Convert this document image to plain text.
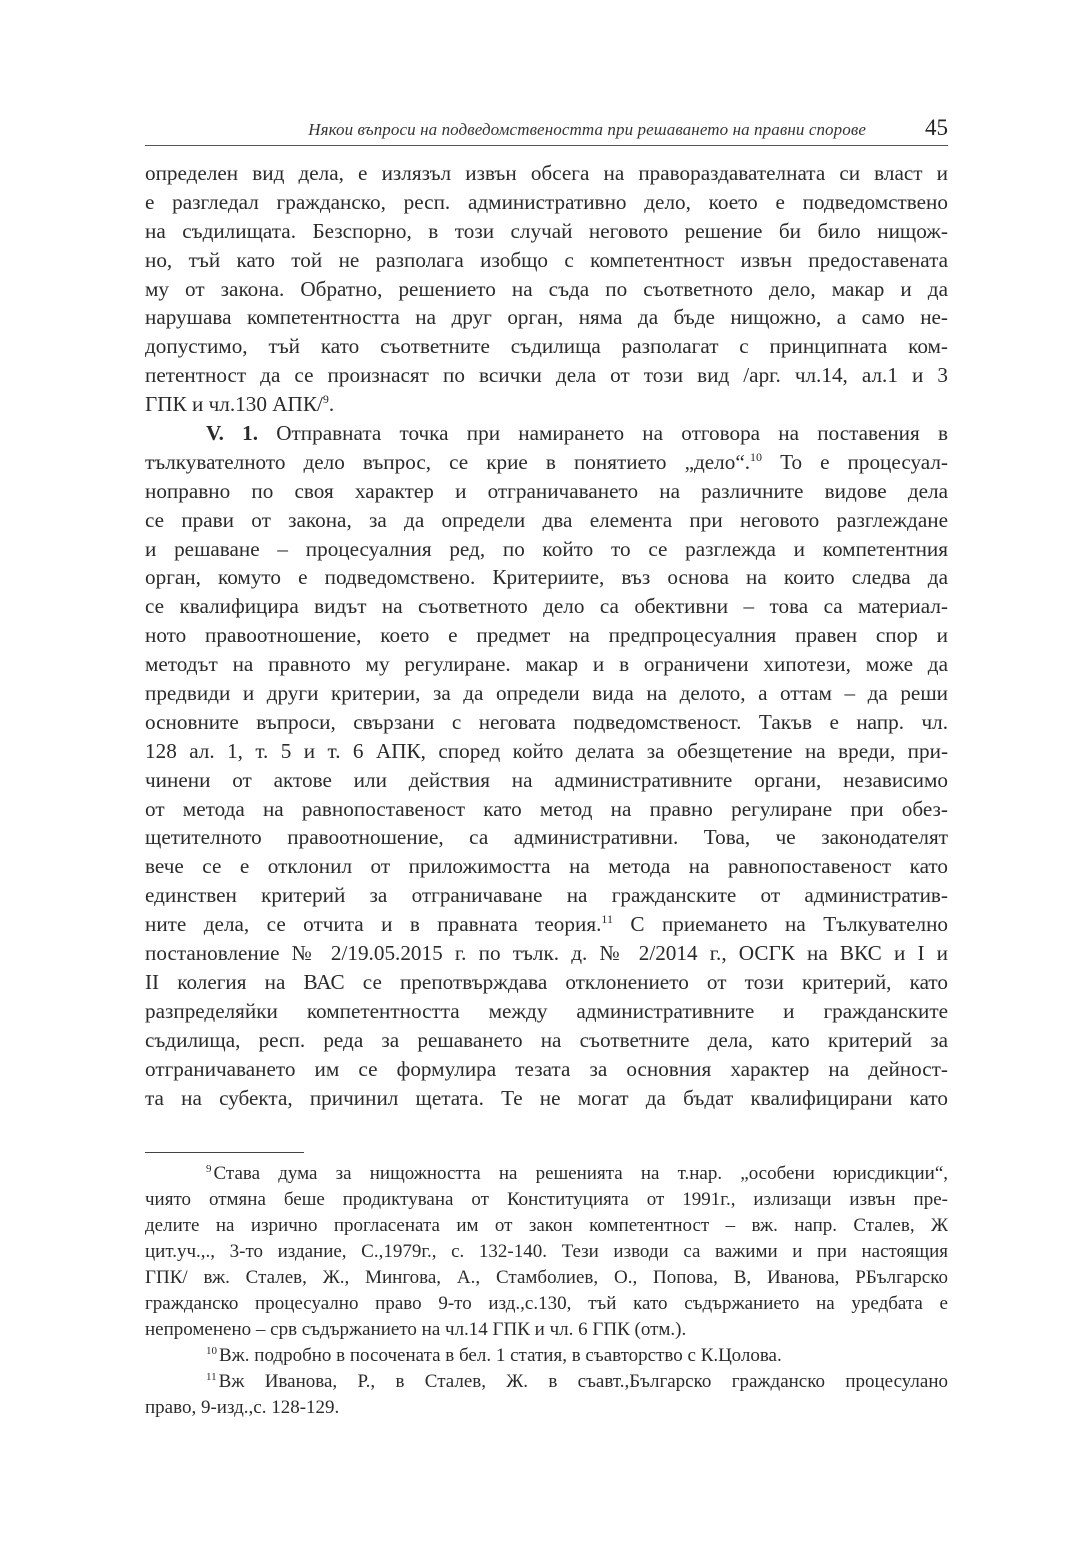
Някои въпроси на подведомствеността при решаването на правни спорове	45
определен вид дела, е излязъл извън обсега на правораздавателната си власт и
е разгледал гражданско, респ. административно дело, което е подведомствено
на съдилищата. Безспорно, в този случай неговото решение би било нищож-
но, тъй като той не разполага изобщо с компетентност извън предоставената
му от закона. Обратно, решението на съда по съответното дело, макар и да
нарушава компетентността на друг орган, няма да бъде нищожно, а само не-
допустимо, тъй като съответните съдилища разполагат с принципната ком-
петентност да се произнасят по всички дела от този вид /арг. чл.14, ал.1 и 3
ГПК и чл.130 АПК/$^9$.
V. 1. Отправната точка при намирането на отговора на поставения в
тълкувателното дело въпрос, се крие в понятието „дело“.$^{10}$ То е процесуал-
нoправно по своя характер и отграничаването на различните видове дела
се прави от закона, за да определи два елемента при неговото разглеждане
и решаване – процесуалния ред, по който то се разглежда и компетентния
орган, комуто е подведомствено. Критериите, въз основа на които следва да
се квалифицира видът на съответното дело са обективни – това са материал-
ното правоотношение, което е предмет на предпроцесуалния правен спор и
методът на правното му регулиране. макар и в ограничени хипотези, може да
предвиди и други критерии, за да определи вида на делото, а оттам – да реши
основните въпроси, свързани с неговата подведомственост. Такъв е напр. чл.
128 ал. 1, т. 5 и т. 6 АПК, според който делата за обезщетение на вреди, при-
чинени от актове или действия на административните органи, независимо
от метода на равнопоставеност като метод на правно регулиране при обез-
щетителното правоотношение, са административни. Това, че законодателят
вече се е отклонил от приложимостта на метода на равнопоставеност като
единствен критерий за отграничаване на гражданските от административ-
ните дела, се отчита и в правната теория.$^{11}$ С приемането на Тълкувателно
постановление № 2/19.05.2015 г. по тълк. д. № 2/2014 г., ОСГК на ВКС и I и
II колегия на ВАС се препотвърждава отклонението от този критерий, като
разпределяйки компетентността между административните и гражданските
съдилища, респ. реда за решаването на съответните дела, като критерий за
отграничаването им се формулира тезата за основния характер на дейност-
та на субекта, причинил щетата. Те не могат да бъдат квалифицирани като
$^9$ Става дума за нищожността на решенията на т.нар. „особени юрисдикции“,
чиято отмяна беше продиктувана от Конституцията от 1991г., излизащи извън пре-
делите на изрично прогласената им от закон компетентност – вж. напр. Сталев, Ж
цит.уч.,., 3-то издание, С.,1979г., с. 132-140. Тези изводи са важими и при настоящия
ГПК/ вж. Сталев, Ж., Мингова, А., Стамболиев, О., Попова, В, Иванова, РБългарско
гражданско процесуално право 9-то изд.,с.130, тъй като съдържанието на уредбата е
непроменено – срв съдържанието на чл.14 ГПК и чл. 6 ГПК (отм.).
$^{10}$ Вж. подробно в посочената в бел. 1 статия, в съавторство с К.Цолова.
$^{11}$ Вж Иванова, Р., в Сталев, Ж. в съавт.,Българско гражданско процесулано
право, 9-изд.,с. 128-129.
